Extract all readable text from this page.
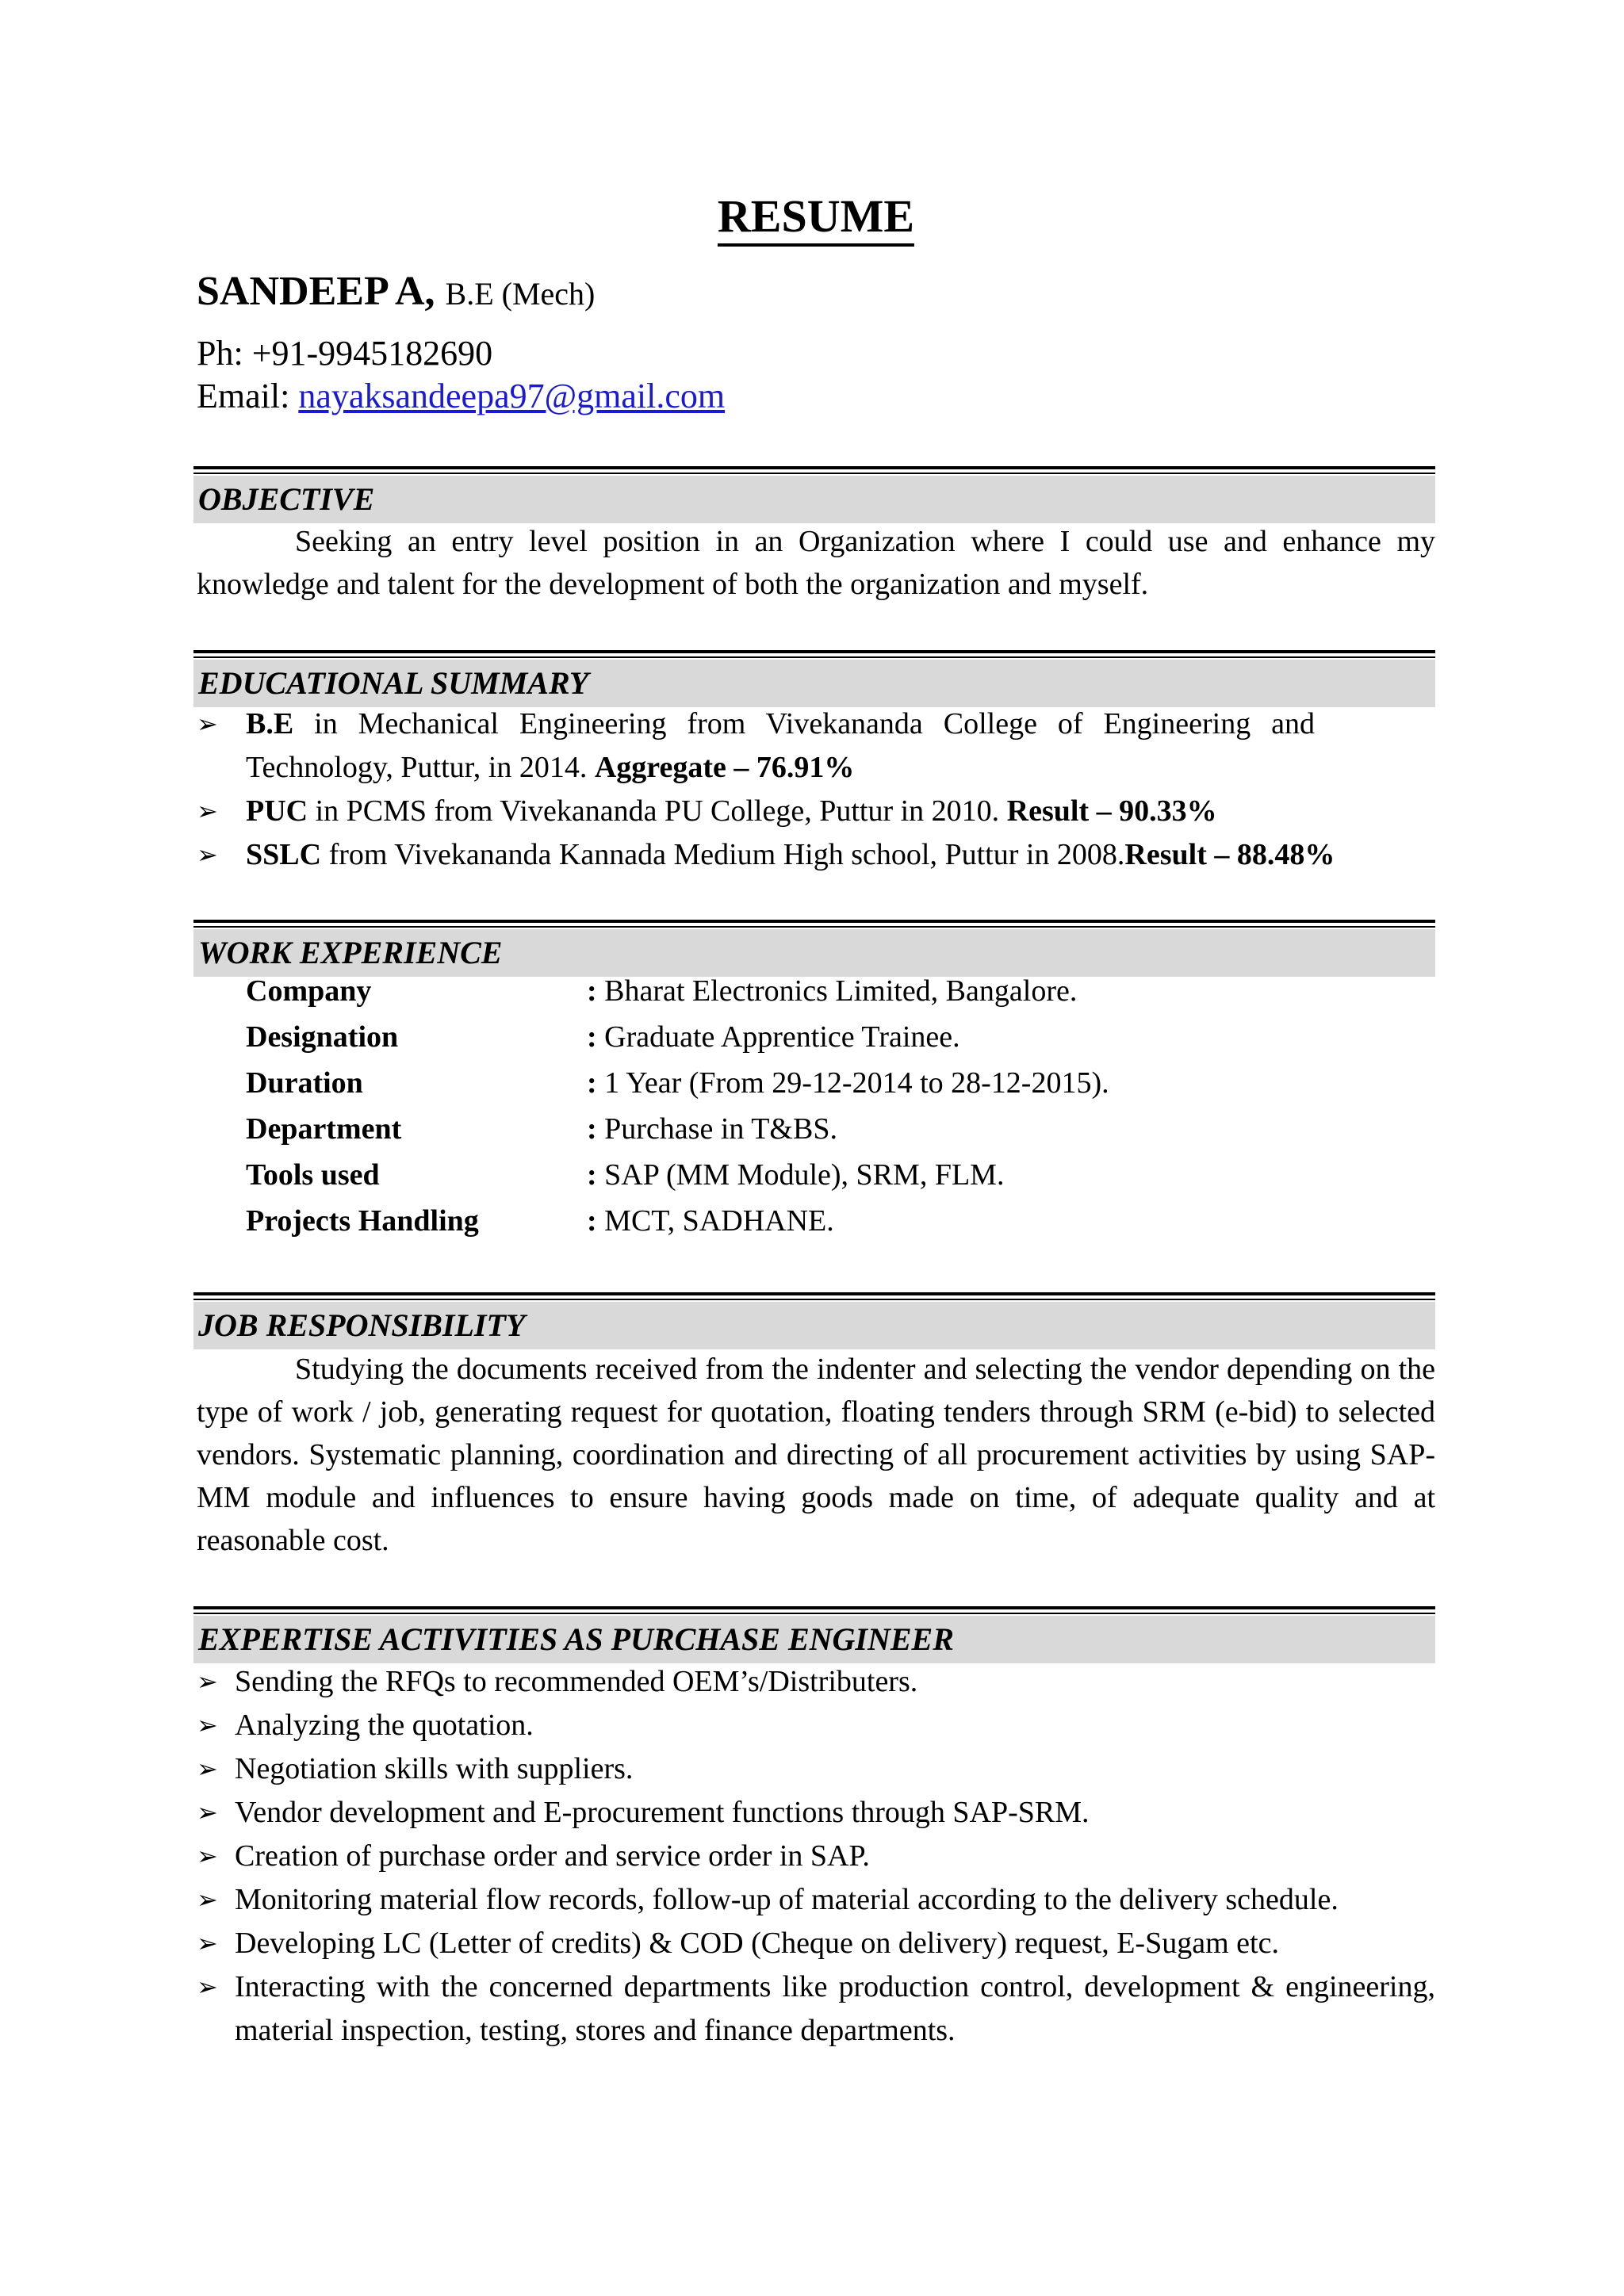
RESUME
SANDEEP A, B.E (Mech)
Ph: +91-9945182690
Email: nayaksandeepa97@gmail.com
OBJECTIVE
Seeking an entry level position in an Organization where I could use and enhance my knowledge and talent for the development of both the organization and myself.
EDUCATIONAL SUMMARY
➢ B.E in Mechanical Engineering from Vivekananda College of Engineering and Technology, Puttur, in 2014. Aggregate – 76.91%
➢ PUC in PCMS from Vivekananda PU College, Puttur in 2010. Result – 90.33%
➢ SSLC from Vivekananda Kannada Medium High school, Puttur in 2008.Result – 88.48%
WORK EXPERIENCE
Company	: Bharat Electronics Limited, Bangalore.
Designation	: Graduate Apprentice Trainee.
Duration	: 1 Year (From 29-12-2014 to 28-12-2015).
Department	: Purchase in T&BS.
Tools used	: SAP (MM Module), SRM, FLM.
Projects Handling	: MCT, SADHANE.
JOB RESPONSIBILITY
Studying the documents received from the indenter and selecting the vendor depending on the type of work / job, generating request for quotation, floating tenders through SRM (e-bid) to selected vendors. Systematic planning, coordination and directing of all procurement activities by using SAP-MM module and influences to ensure having goods made on time, of adequate quality and at reasonable cost.
EXPERTISE ACTIVITIES AS PURCHASE ENGINEER
➢ Sending the RFQs to recommended OEM’s/Distributers.
➢ Analyzing the quotation.
➢ Negotiation skills with suppliers.
➢ Vendor development and E-procurement functions through SAP-SRM.
➢ Creation of purchase order and service order in SAP.
➢ Monitoring material flow records, follow-up of material according to the delivery schedule.
➢ Developing LC (Letter of credits) & COD (Cheque on delivery) request, E-Sugam etc.
➢ Interacting with the concerned departments like production control, development & engineering, material inspection, testing, stores and finance departments.
